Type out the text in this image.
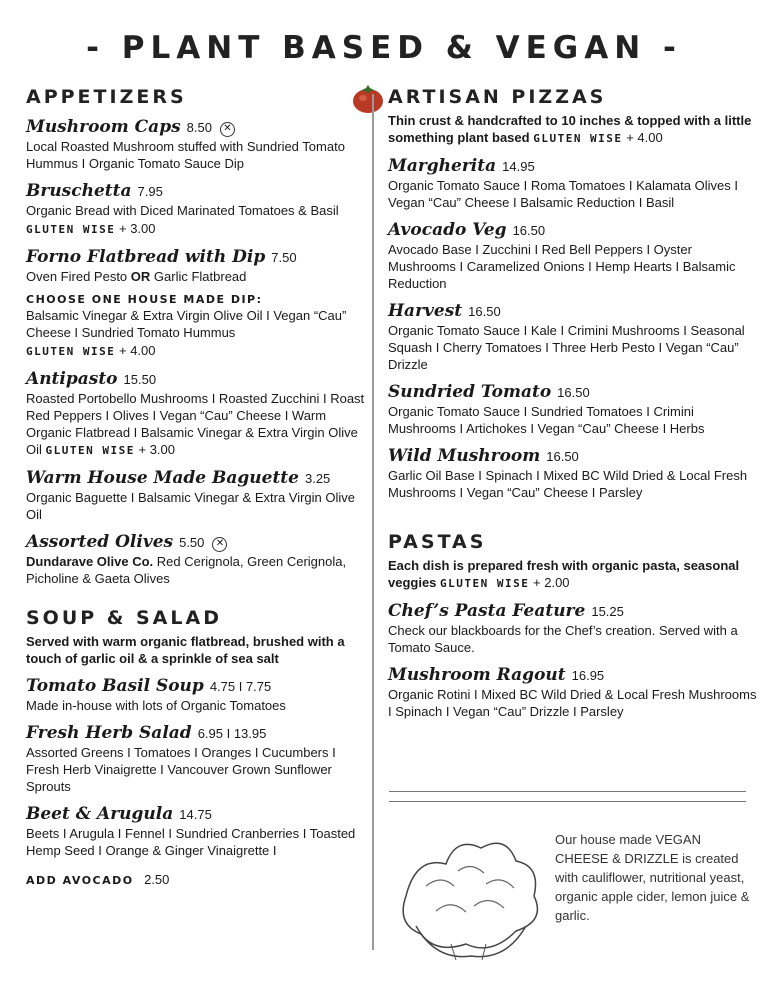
- PLANT BASED & VEGAN -
APPETIZERS
Mushroom Caps 8.50 ✕
Local Roasted Mushroom stuffed with Sundried Tomato Hummus I Organic Tomato Sauce Dip
Bruschetta 7.95
Organic Bread with Diced Marinated Tomatoes & Basil
GLUTEN WISE + 3.00
Forno Flatbread with Dip 7.50
Oven Fired Pesto OR Garlic Flatbread
CHOOSE ONE HOUSE MADE DIP:
Balsamic Vinegar & Extra Virgin Olive Oil I Vegan “Cau” Cheese I Sundried Tomato Hummus
GLUTEN WISE + 4.00
Antipasto 15.50
Roasted Portobello Mushrooms I Roasted Zucchini I Roast Red Peppers I Olives I Vegan “Cau” Cheese I Warm Organic Flatbread I Balsamic Vinegar & Extra Virgin Olive Oil GLUTEN WISE + 3.00
Warm House Made Baguette 3.25
Organic Baguette I Balsamic Vinegar & Extra Virgin Olive Oil
Assorted Olives 5.50 ✕
Dundarave Olive Co. Red Cerignola, Green Cerignola, Picholine & Gaeta Olives
SOUP & SALAD
Served with warm organic flatbread, brushed with a touch of garlic oil & a sprinkle of sea salt
Tomato Basil Soup 4.75 I 7.75
Made in-house with lots of Organic Tomatoes
Fresh Herb Salad 6.95 I 13.95
Assorted Greens I Tomatoes I Oranges I Cucumbers I Fresh Herb Vinaigrette I Vancouver Grown Sunflower Sprouts
Beet & Arugula 14.75
Beets I Arugula I Fennel I Sundried Cranberries I Toasted Hemp Seed I Orange & Ginger Vinaigrette I
ADD AVOCADO 2.50
ARTISAN PIZZAS
Thin crust & handcrafted to 10 inches & topped with a little something plant based GLUTEN WISE + 4.00
Margherita 14.95
Organic Tomato Sauce I Roma Tomatoes I Kalamata Olives I Vegan “Cau” Cheese I Balsamic Reduction I Basil
Avocado Veg 16.50
Avocado Base I Zucchini I Red Bell Peppers I Oyster Mushrooms I Caramelized Onions I Hemp Hearts I Balsamic Reduction
Harvest 16.50
Organic Tomato Sauce I Kale I Crimini Mushrooms I Seasonal Squash I Cherry Tomatoes I Three Herb Pesto I Vegan “Cau” Drizzle
Sundried Tomato 16.50
Organic Tomato Sauce I Sundried Tomatoes I Crimini Mushrooms I Artichokes I Vegan “Cau” Cheese I Herbs
Wild Mushroom 16.50
Garlic Oil Base I Spinach I Mixed BC Wild Dried & Local Fresh Mushrooms I Vegan “Cau” Cheese I Parsley
PASTAS
Each dish is prepared fresh with organic pasta, seasonal veggies GLUTEN WISE + 2.00
Chef’s Pasta Feature 15.25
Check our blackboards for the Chef’s creation. Served with a Tomato Sauce.
Mushroom Ragout 16.95
Organic Rotini I Mixed BC Wild Dried & Local Fresh Mushrooms I Spinach I Vegan “Cau” Drizzle I Parsley
Our house made VEGAN CHEESE & DRIZZLE is created with cauliflower, nutritional yeast, organic apple cider, lemon juice & garlic.
